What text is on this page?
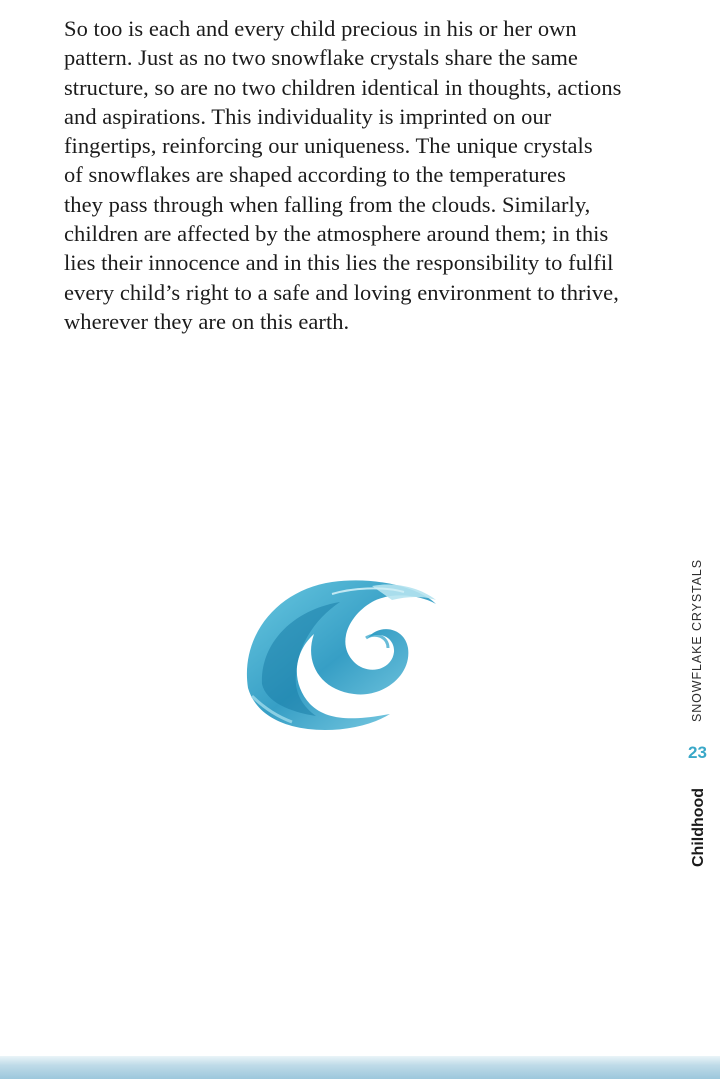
So too is each and every child precious in his or her own
pattern. Just as no two snowflake crystals share the same
structure, so are no two children identical in thoughts, actions
and aspirations. This individuality is imprinted on our
fingertips, reinforcing our uniqueness. The unique crystals
of snowflakes are shaped according to the temperatures
they pass through when falling from the clouds. Similarly,
children are affected by the atmosphere around them; in this
lies their innocence and in this lies the responsibility to fulfil
every child’s right to a safe and loving environment to thrive,
wherever they are on this earth.
SNOWFLAKE CRYSTALS
23
Childhood
